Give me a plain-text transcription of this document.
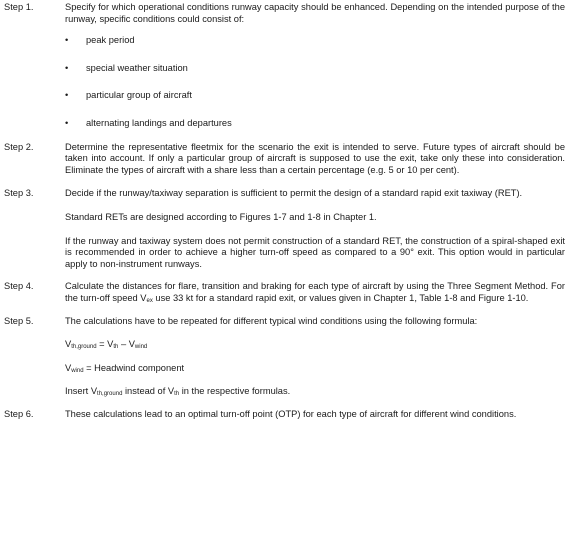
Step 1.	Specify for which operational conditions runway capacity should be enhanced. Depending on the intended purpose of the runway, specific conditions could consist of:

• peak period
• special weather situation
• particular group of aircraft
• alternating landings and departures
Step 2.	Determine the representative fleetmix for the scenario the exit is intended to serve. Future types of aircraft should be taken into account. If only a particular group of aircraft is supposed to use the exit, take only these into consideration. Eliminate the types of aircraft with a share less than a certain percentage (e.g. 5 or 10 per cent).

Step 3.	Decide if the runway/taxiway separation is sufficient to permit the design of a standard rapid exit taxiway (RET).

Standard RETs are designed according to Figures 1-7 and 1-8 in Chapter 1.

If the runway and taxiway system does not permit construction of a standard RET, the construction of a spiral-shaped exit is recommended in order to achieve a higher turn-off speed as compared to a 90° exit. This option would in particular apply to non-instrument runways.

Step 4.	Calculate the distances for flare, transition and braking for each type of aircraft by using the Three Segment Method. For the turn-off speed $V_{ex}$ use 33 kt for a standard rapid exit, or values given in Chapter 1, Table 1-8 and Figure 1-10.

Step 5.	The calculations have to be repeated for different typical wind conditions using the following formula:

$V_{th,ground} = V_{th} - V_{wind}$

$V_{wind}$ = Headwind component

Insert $V_{th,ground}$ instead of $V_{th}$ in the respective formulas.

Step 6.	These calculations lead to an optimal turn-off point (OTP) for each type of aircraft for different wind conditions.
